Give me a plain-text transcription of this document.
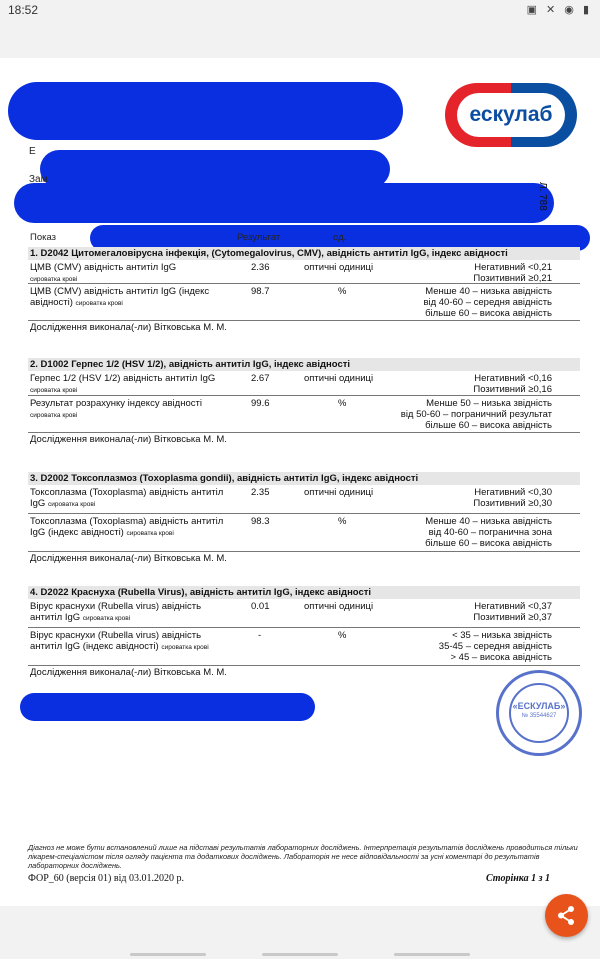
18:52	▣ ✕ ◉ ▮
Е
Зам
ескулаб
Л. 788
Показ	Результат	од.
1. D2042 Цитомегаловірусна інфекція, (Cytomegalovirus, CMV), авідність антитіл IgG, індекс авідності
ЦМВ (CMV) авідність антитіл IgG
сироватка крові
2.36	оптичні одиниці	Негативний <0,21

Позитивний ≥0,21

ЦМВ (CMV) авідність антитіл IgG (індекс авідності) сироватка крові
98.7	%	Менше 40 – низька авідність

від 40-60 – середня авідність

більше 60 – висока авідність

Дослідження виконала(-ли) Вітковська М. М.
2. D1002 Герпес 1/2 (HSV 1/2), авідність антитіл IgG, індекс авідності
Герпес 1/2 (HSV 1/2) авідність антитіл IgG сироватка крові
2.67	оптичні одиниці	Негативний <0,16

Позитивний ≥0,16

Результат розрахунку індексу авідності сироватка крові
99.6	%	Менше 50 – низька звідність

від 50-60 – пограничний результат

більше 60 – висока авідність

Дослідження виконала(-ли) Вітковська М. М.
3. D2002 Токсоплазмоз (Toxoplasma gondii), авідність антитіл IgG, індекс авідності
Токсоплазма (Toxoplasma) авідність антитіл IgG сироватка крові
2.35	оптичні одиниці	Негативний <0,30

Позитивний ≥0,30

Токсоплазма (Toxoplasma) авідність антитіл IgG (індекс авідності) сироватка крові
98.3	%	Менше 40 – низька авідність

від 40-60 – погранична зона

більше 60 – висока авідність

Дослідження виконала(-ли) Вітковська М. М.
4. D2022 Краснуха (Rubella Virus), авідність антитіл IgG, індекс авідності
Вірус краснухи (Rubella virus) авідність антитіл IgG сироватка крові
0.01	оптичні одиниці	Негативний <0,37

Позитивний ≥0,37

Вірус краснухи (Rubella virus) авідність антитіл IgG (індекс авідності) сироватка крові
-	%	< 35 – низька звідність

35-45 – середня авідність

> 45 – висока авідність

Дослідження виконала(-ли) Вітковська М. М.
«ЕСКУЛАБ»
№ 35544627
Діагноз не може бути встановлений лише на підставі результатів лабораторних досліджень. Інтерпретація результатів досліджень проводиться тільки лікарем-спеціалістом після огляду пацієнта та додаткових досліджень. Лабораторія не несе відповідальності за усні коментарі до результатів лабораторних досліджень.
ФОР_60 (версія 01) від 03.01.2020 р.	Сторінка 1 з 1
